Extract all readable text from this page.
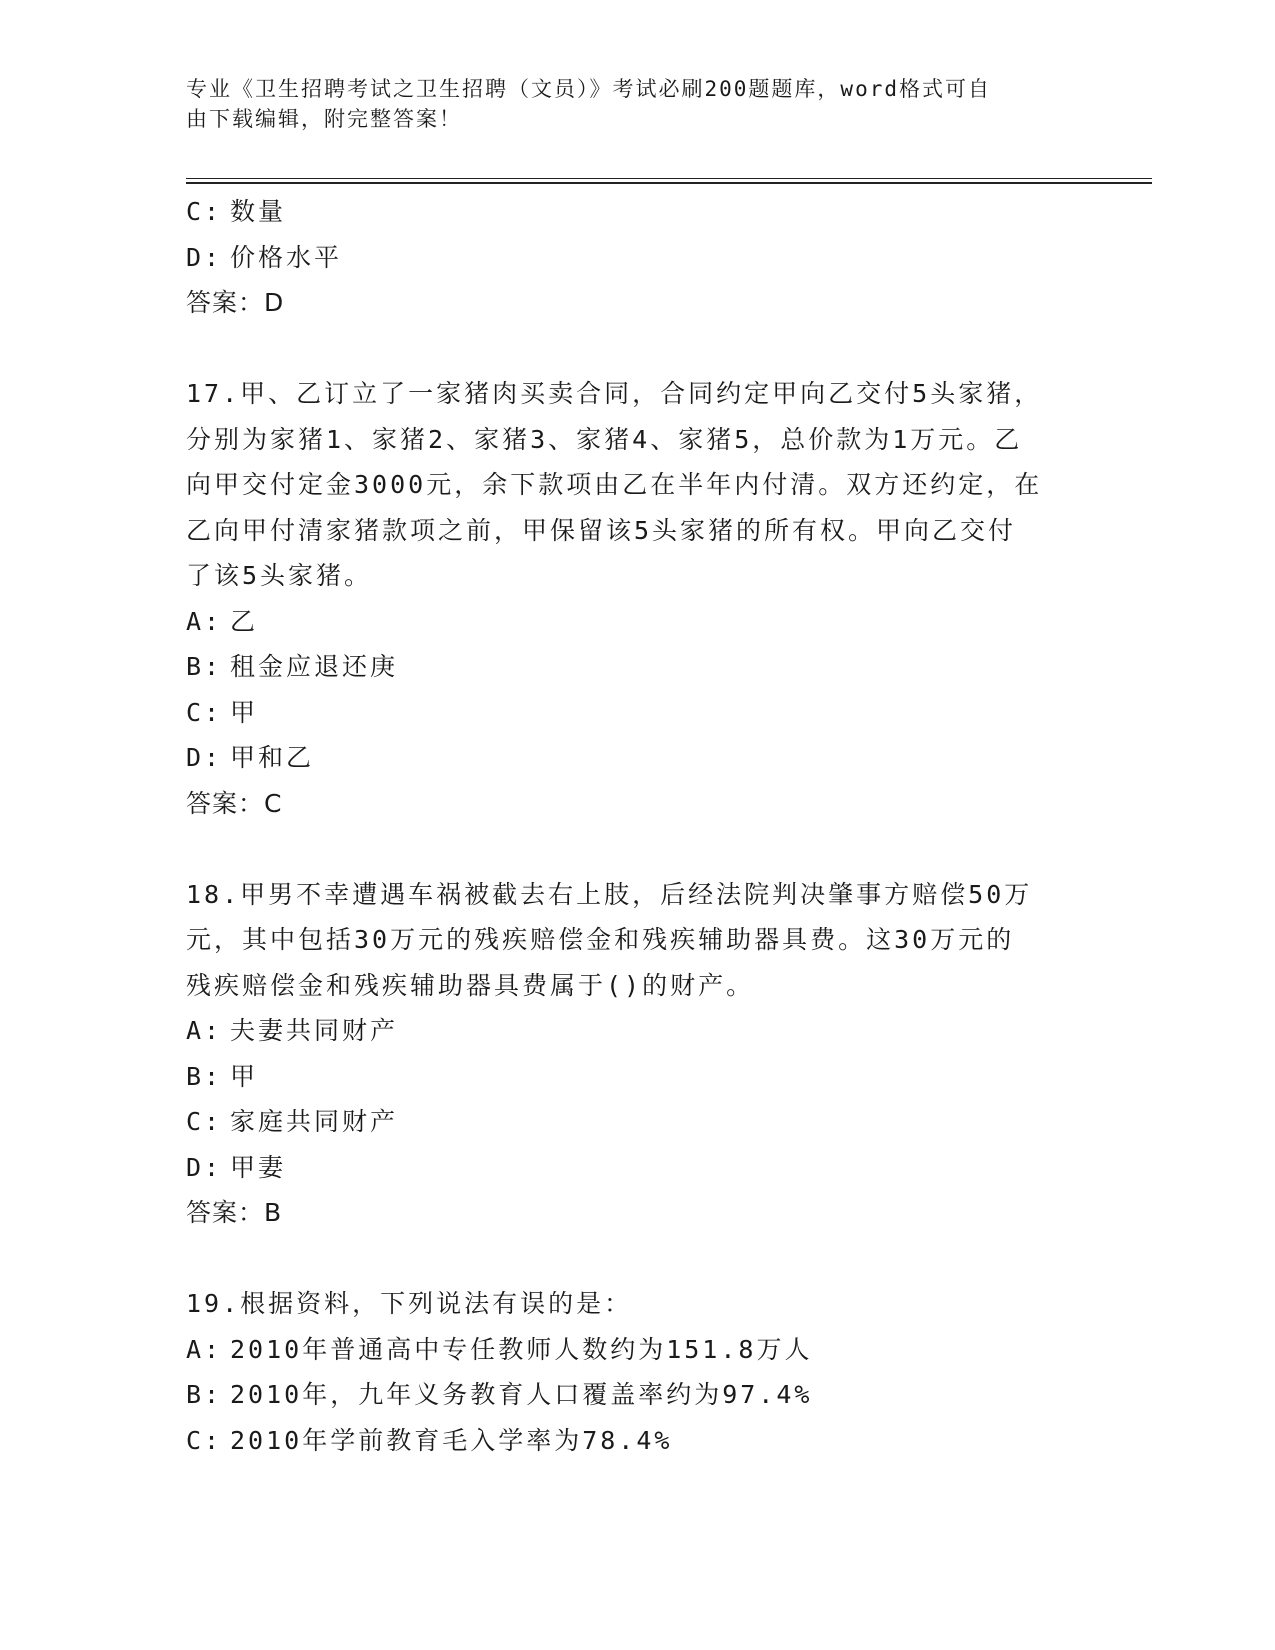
专业《卫生招聘考试之卫生招聘（文员）》考试必刷200题题库，word格式可自
由下载编辑，附完整答案！
C: 数量
D: 价格水平
答案：D
17.甲、乙订立了一家猪肉买卖合同，合同约定甲向乙交付5头家猪，
分别为家猪1、家猪2、家猪3、家猪4、家猪5，总价款为1万元。乙
向甲交付定金3000元，余下款项由乙在半年内付清。双方还约定，在
乙向甲付清家猪款项之前，甲保留该5头家猪的所有权。甲向乙交付
了该5头家猪。
A: 乙
B: 租金应退还庚
C: 甲
D: 甲和乙
答案：C
18.甲男不幸遭遇车祸被截去右上肢，后经法院判决肇事方赔偿50万
元，其中包括30万元的残疾赔偿金和残疾辅助器具费。这30万元的
残疾赔偿金和残疾辅助器具费属于()的财产。
A: 夫妻共同财产
B: 甲
C: 家庭共同财产
D: 甲妻
答案：B
19.根据资料，下列说法有误的是：
A: 2010年普通高中专任教师人数约为151.8万人
B: 2010年，九年义务教育人口覆盖率约为97.4%
C: 2010年学前教育毛入学率为78.4%
